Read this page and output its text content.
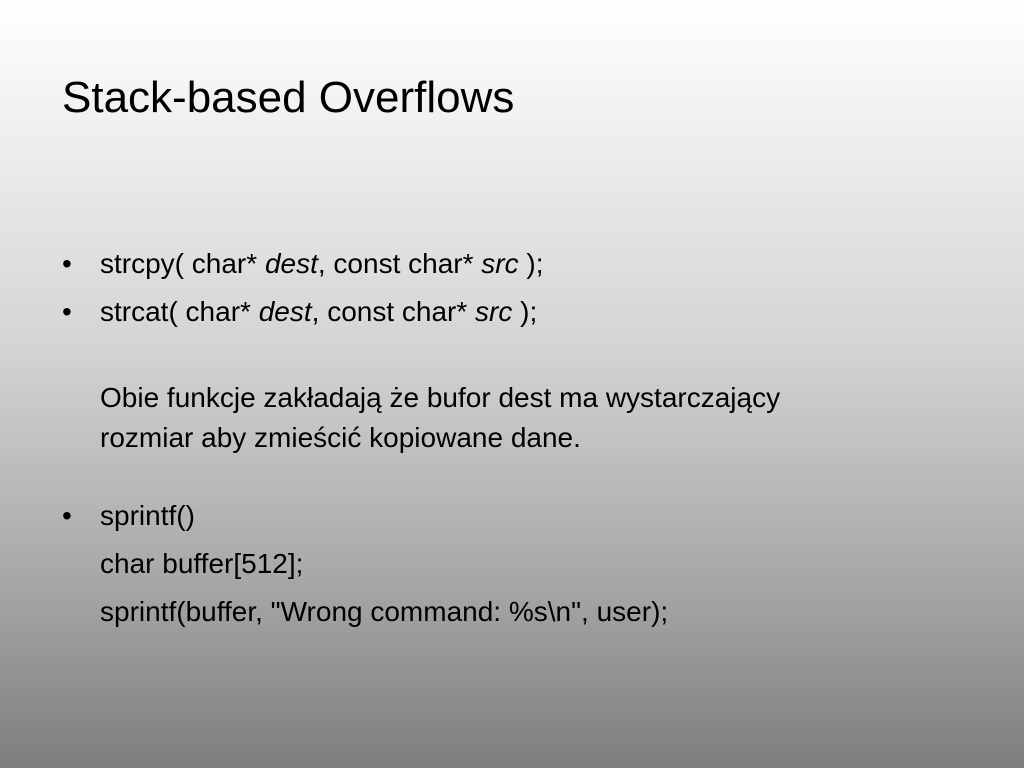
Stack-based Overflows
• strcpy( char* dest, const char* src );
• strcat( char* dest, const char* src );
Obie funkcje zakładają że bufor dest ma wystarczający
rozmiar aby zmieścić kopiowane dane.
• sprintf()
char buffer[512];
sprintf(buffer, "Wrong command: %s\n", user);
